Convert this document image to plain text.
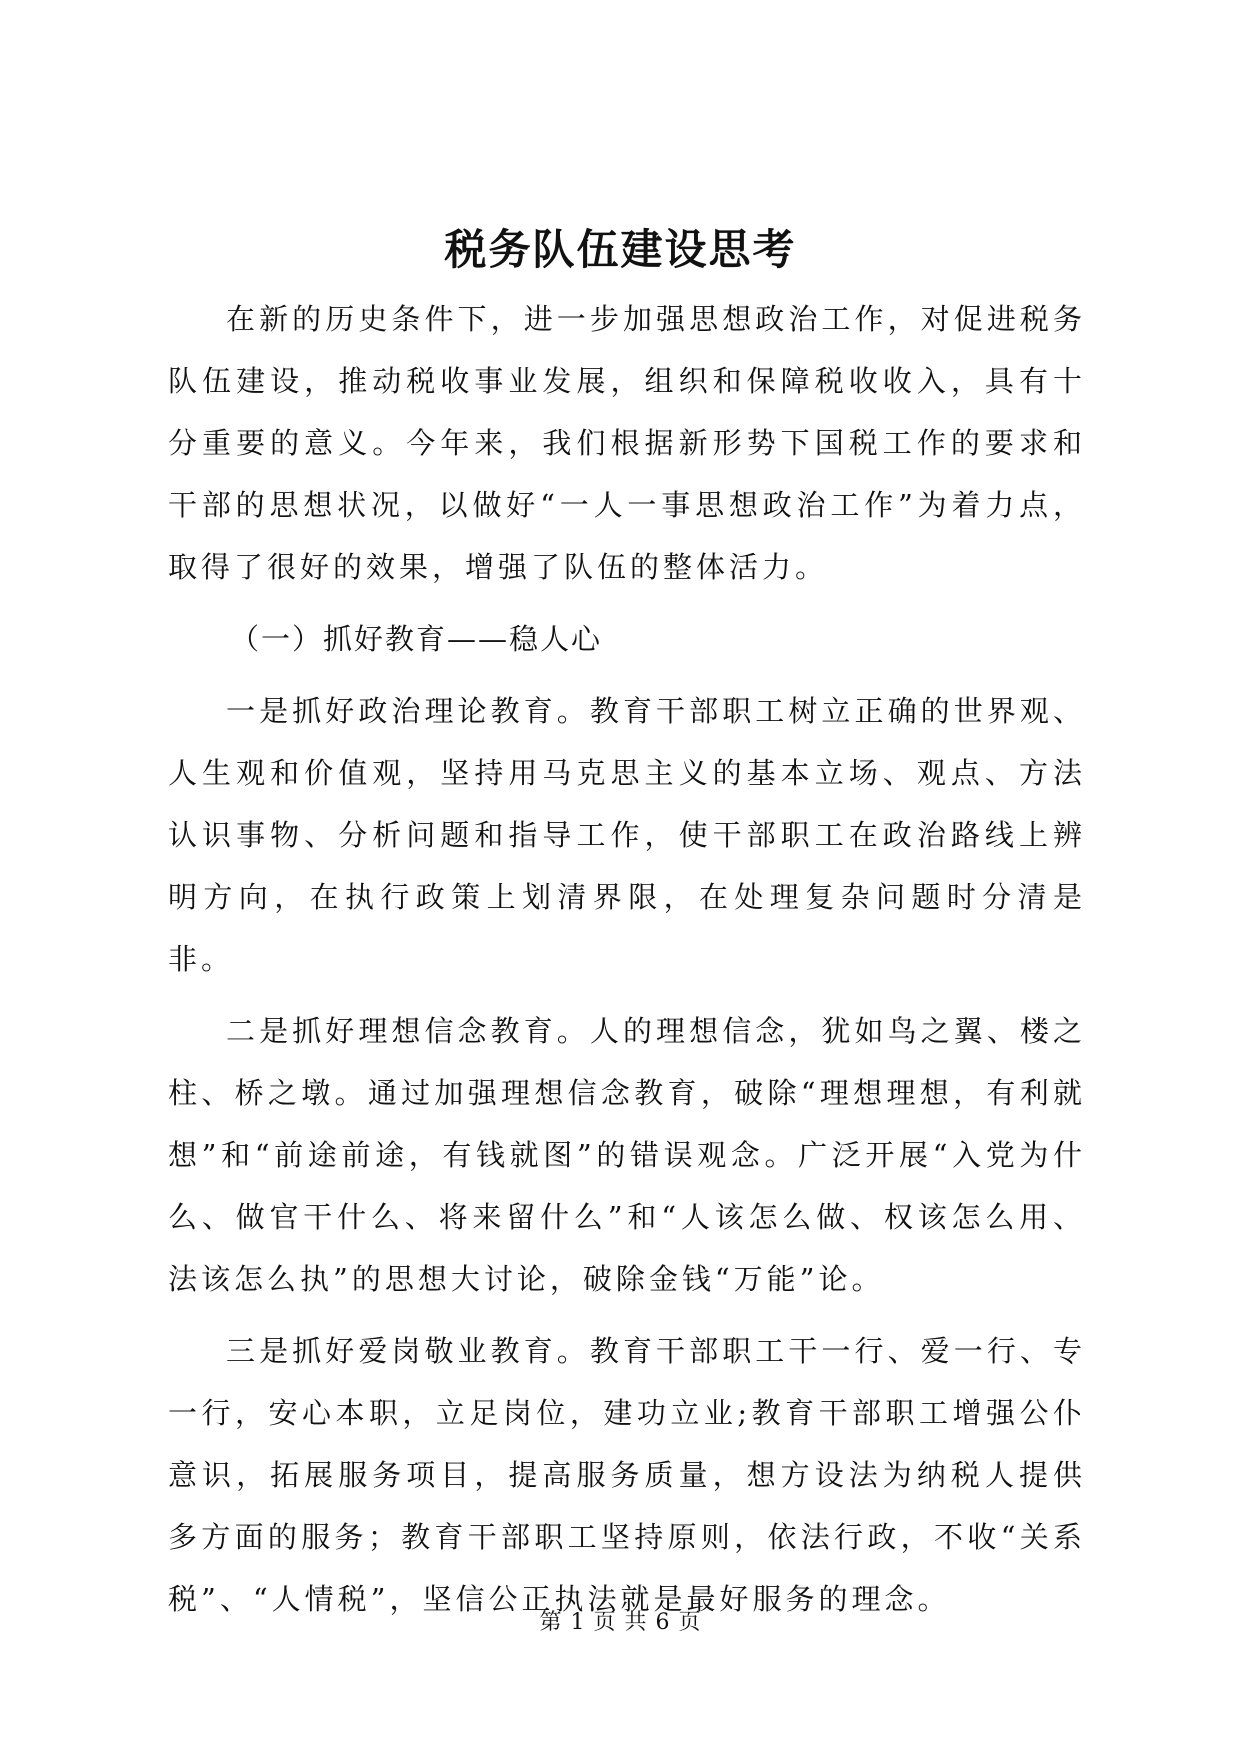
税务队伍建设思考

在新的历史条件下，进一步加强思想政治工作，对促进税务队伍建设，推动税收事业发展，组织和保障税收收入，具有十分重要的意义。今年来，我们根据新形势下国税工作的要求和干部的思想状况，以做好“一人一事思想政治工作”为着力点，取得了很好的效果，增强了队伍的整体活力。

（一）抓好教育——稳人心

一是抓好政治理论教育。教育干部职工树立正确的世界观、人生观和价值观，坚持用马克思主义的基本立场、观点、方法认识事物、分析问题和指导工作，使干部职工在政治路线上辨明方向，在执行政策上划清界限，在处理复杂问题时分清是非。

二是抓好理想信念教育。人的理想信念，犹如鸟之翼、楼之柱、桥之墩。通过加强理想信念教育，破除“理想理想，有利就想”和“前途前途，有钱就图”的错误观念。广泛开展“入党为什么、做官干什么、将来留什么”和“人该怎么做、权该怎么用、法该怎么执”的思想大讨论，破除金钱“万能”论。

三是抓好爱岗敬业教育。教育干部职工干一行、爱一行、专一行，安心本职，立足岗位，建功立业;教育干部职工增强公仆意识，拓展服务项目，提高服务质量，想方设法为纳税人提供多方面的服务；教育干部职工坚持原则，依法行政，不收“关系税”、“人情税”，坚信公正执法就是最好服务的理念。

第 1 页 共 6 页
